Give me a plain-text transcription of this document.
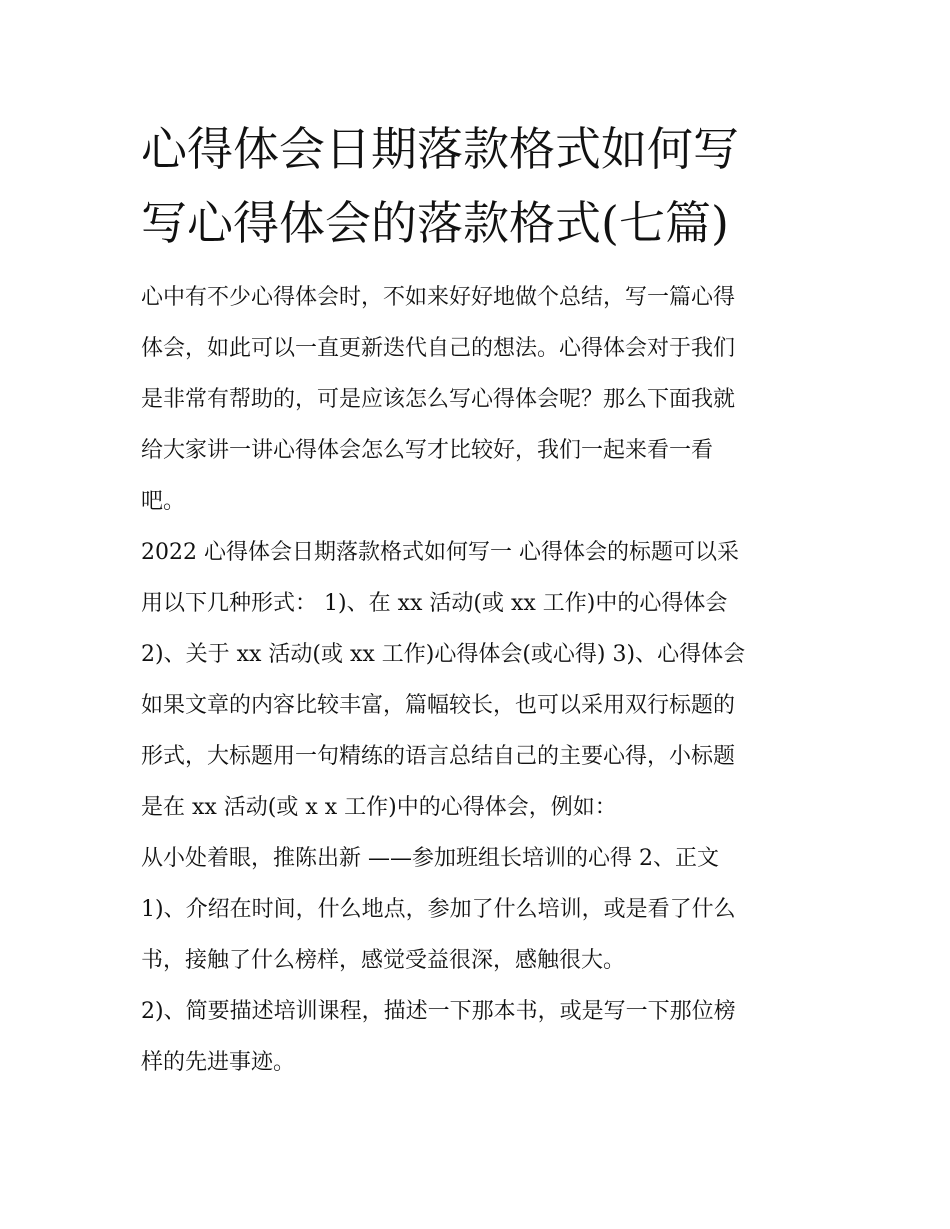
心得体会日期落款格式如何写
写心得体会的落款格式(七篇)

心中有不少心得体会时，不如来好好地做个总结，写一篇心得
体会，如此可以一直更新迭代自己的想法。心得体会对于我们
是非常有帮助的，可是应该怎么写心得体会呢？那么下面我就
给大家讲一讲心得体会怎么写才比较好，我们一起来看一看
吧。

2022 心得体会日期落款格式如何写一 心得体会的标题可以采
用以下几种形式： 1)、在 xx 活动(或 xx 工作)中的心得体会
2)、关于 xx 活动(或 xx 工作)心得体会(或心得) 3)、心得体会
如果文章的内容比较丰富，篇幅较长，也可以采用双行标题的
形式，大标题用一句精练的语言总结自己的主要心得，小标题
是在 xx 活动(或 x x 工作)中的心得体会，例如：

从小处着眼，推陈出新 ——参加班组长培训的心得 2、正文

1)、介绍在时间，什么地点，参加了什么培训，或是看了什么
书，接触了什么榜样，感觉受益很深，感触很大。

2)、简要描述培训课程，描述一下那本书，或是写一下那位榜
样的先进事迹。
